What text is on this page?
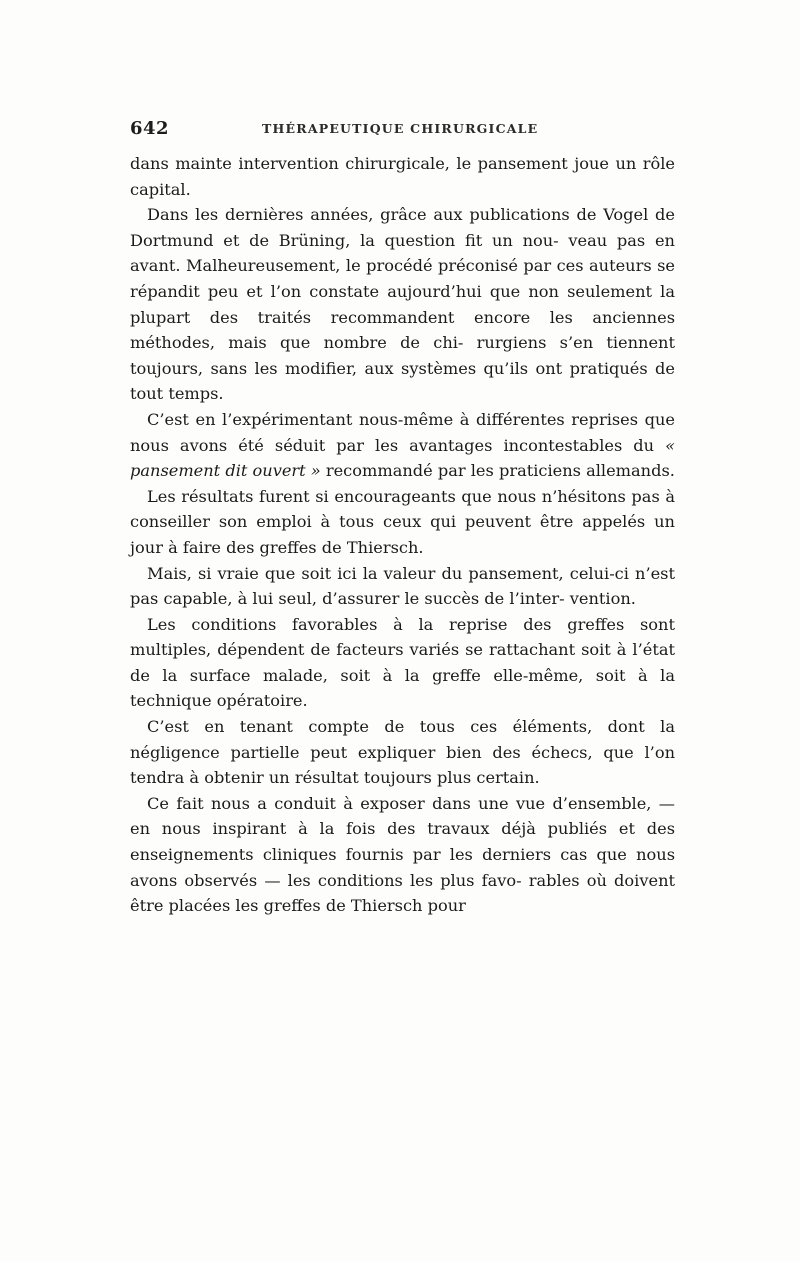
642	THÉRAPEUTIQUE CHIRURGICALE

dans mainte intervention chirurgicale, le pansement joue un rôle capital.

Dans les dernières années, grâce aux publications de Vogel de Dortmund et de Brüning, la question fit un nou- veau pas en avant. Malheureusement, le procédé préconisé par ces auteurs se répandit peu et l’on constate aujourd’hui que non seulement la plupart des traités recommandent encore les anciennes méthodes, mais que nombre de chi- rurgiens s’en tiennent toujours, sans les modifier, aux systèmes qu’ils ont pratiqués de tout temps.

C’est en l’expérimentant nous-même à différentes reprises que nous avons été séduit par les avantages incontestables du « pansement dit ouvert » recommandé par les praticiens allemands.

Les résultats furent si encourageants que nous n’hésitons pas à conseiller son emploi à tous ceux qui peuvent être appelés un jour à faire des greffes de Thiersch.

Mais, si vraie que soit ici la valeur du pansement, celui-ci n’est pas capable, à lui seul, d’assurer le succès de l’inter- vention.

Les conditions favorables à la reprise des greffes sont multiples, dépendent de facteurs variés se rattachant soit à l’état de la surface malade, soit à la greffe elle-même, soit à la technique opératoire.

C’est en tenant compte de tous ces éléments, dont la négligence partielle peut expliquer bien des échecs, que l’on tendra à obtenir un résultat toujours plus certain.

Ce fait nous a conduit à exposer dans une vue d’ensemble, — en nous inspirant à la fois des travaux déjà publiés et des enseignements cliniques fournis par les derniers cas que nous avons observés — les conditions les plus favo- rables où doivent être placées les greffes de Thiersch pour
